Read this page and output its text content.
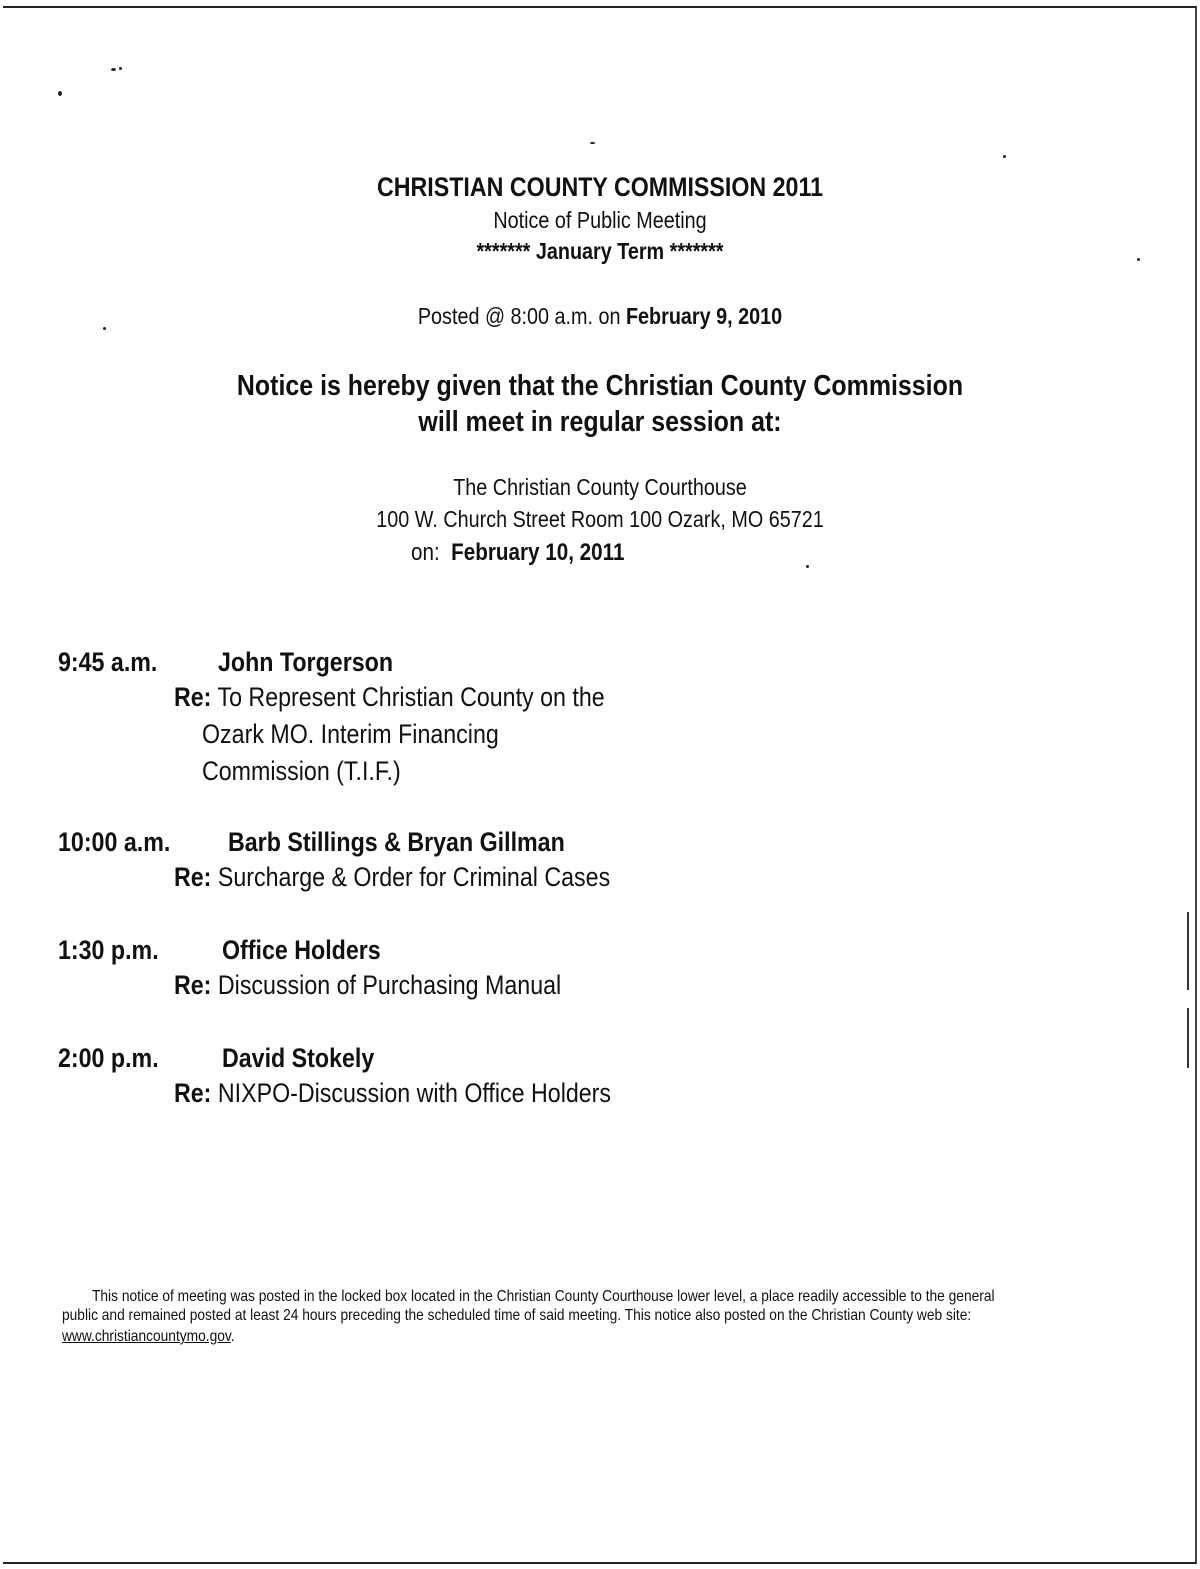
CHRISTIAN COUNTY COMMISSION 2011
Notice of Public Meeting
******* January Term *******
Posted @ 8:00 a.m. on February 9, 2010
Notice is hereby given that the Christian County Commission
will meet in regular session at:
The Christian County Courthouse
100 W. Church Street Room 100 Ozark, MO 65721
on: February 10, 2011
9:45 a.m. John Torgerson
Re: To Represent Christian County on the
Ozark MO. Interim Financing
Commission (T.I.F.)
10:00 a.m. Barb Stillings & Bryan Gillman
Re: Surcharge & Order for Criminal Cases
1:30 p.m. Office Holders
Re: Discussion of Purchasing Manual
2:00 p.m. David Stokely
Re: NIXPO-Discussion with Office Holders
This notice of meeting was posted in the locked box located in the Christian County Courthouse lower level, a place readily accessible to the general
public and remained posted at least 24 hours preceding the scheduled time of said meeting. This notice also posted on the Christian County web site:
www.christiancountymo.gov.
